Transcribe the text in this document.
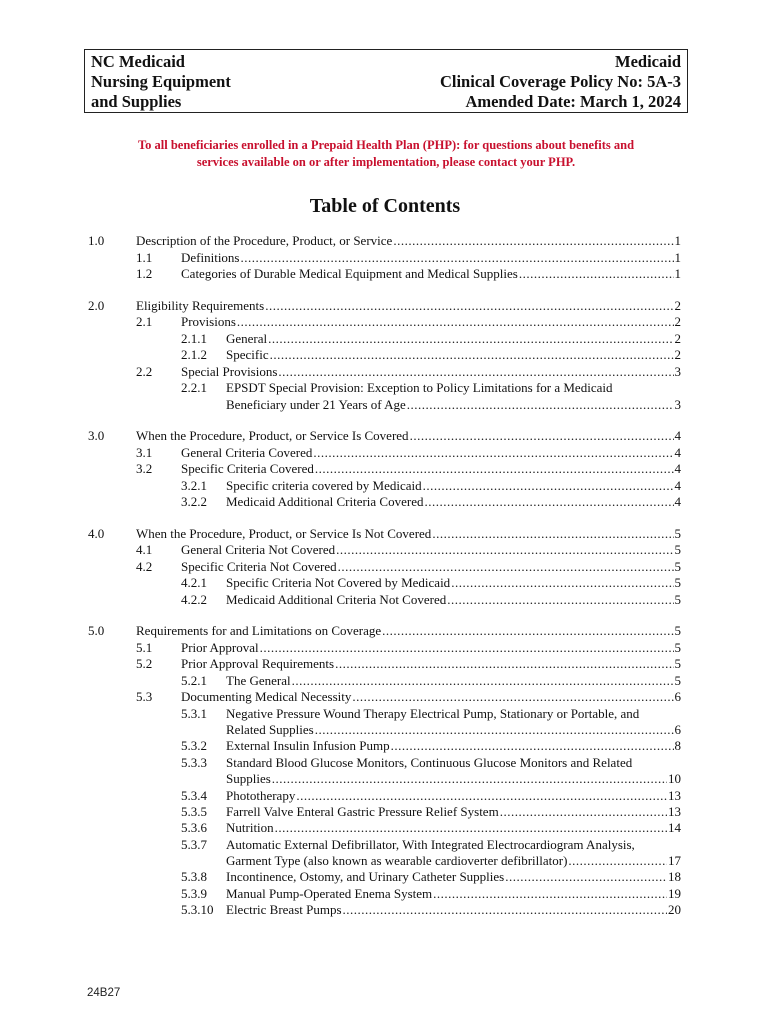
NC Medicaid
Nursing Equipment
and Supplies
Medicaid
Clinical Coverage Policy No: 5A-3
Amended Date: March 1, 2024
To all beneficiaries enrolled in a Prepaid Health Plan (PHP): for questions about benefits and
services available on or after implementation, please contact your PHP.
Table of Contents
1.0 Description of the Procedure, Product, or Service .....	1
1.1 Definitions .....	1
1.2 Categories of Durable Medical Equipment and Medical Supplies .....	1
2.0 Eligibility Requirements .....	2
2.1 Provisions .....	2
2.1.1 General .....	2
2.1.2 Specific .....	2
2.2 Special Provisions .....	3
2.2.1 EPSDT Special Provision: Exception to Policy Limitations for a Medicaid
Beneficiary under 21 Years of Age .....	3
3.0 When the Procedure, Product, or Service Is Covered .....	4
3.1 General Criteria Covered .....	4
3.2 Specific Criteria Covered .....	4
3.2.1 Specific criteria covered by Medicaid .....	4
3.2.2 Medicaid Additional Criteria Covered .....	4
4.0 When the Procedure, Product, or Service Is Not Covered .....	5
4.1 General Criteria Not Covered .....	5
4.2 Specific Criteria Not Covered .....	5
4.2.1 Specific Criteria Not Covered by Medicaid .....	5
4.2.2 Medicaid Additional Criteria Not Covered .....	5
5.0 Requirements for and Limitations on Coverage .....	5
5.1 Prior Approval .....	5
5.2 Prior Approval Requirements .....	5
5.2.1 The General .....	5
5.3 Documenting Medical Necessity .....	6
5.3.1 Negative Pressure Wound Therapy Electrical Pump, Stationary or Portable, and
Related Supplies .....	6
5.3.2 External Insulin Infusion Pump .....	8
5.3.3 Standard Blood Glucose Monitors, Continuous Glucose Monitors and Related
Supplies .....	10
5.3.4 Phototherapy .....	13
5.3.5 Farrell Valve Enteral Gastric Pressure Relief System .....	13
5.3.6 Nutrition .....	14
5.3.7 Automatic External Defibrillator, With Integrated Electrocardiogram Analysis,
Garment Type (also known as wearable cardioverter defibrillator) .....	17
5.3.8 Incontinence, Ostomy, and Urinary Catheter Supplies .....	18
5.3.9 Manual Pump-Operated Enema System .....	19
5.3.10 Electric Breast Pumps .....	20
24B27
